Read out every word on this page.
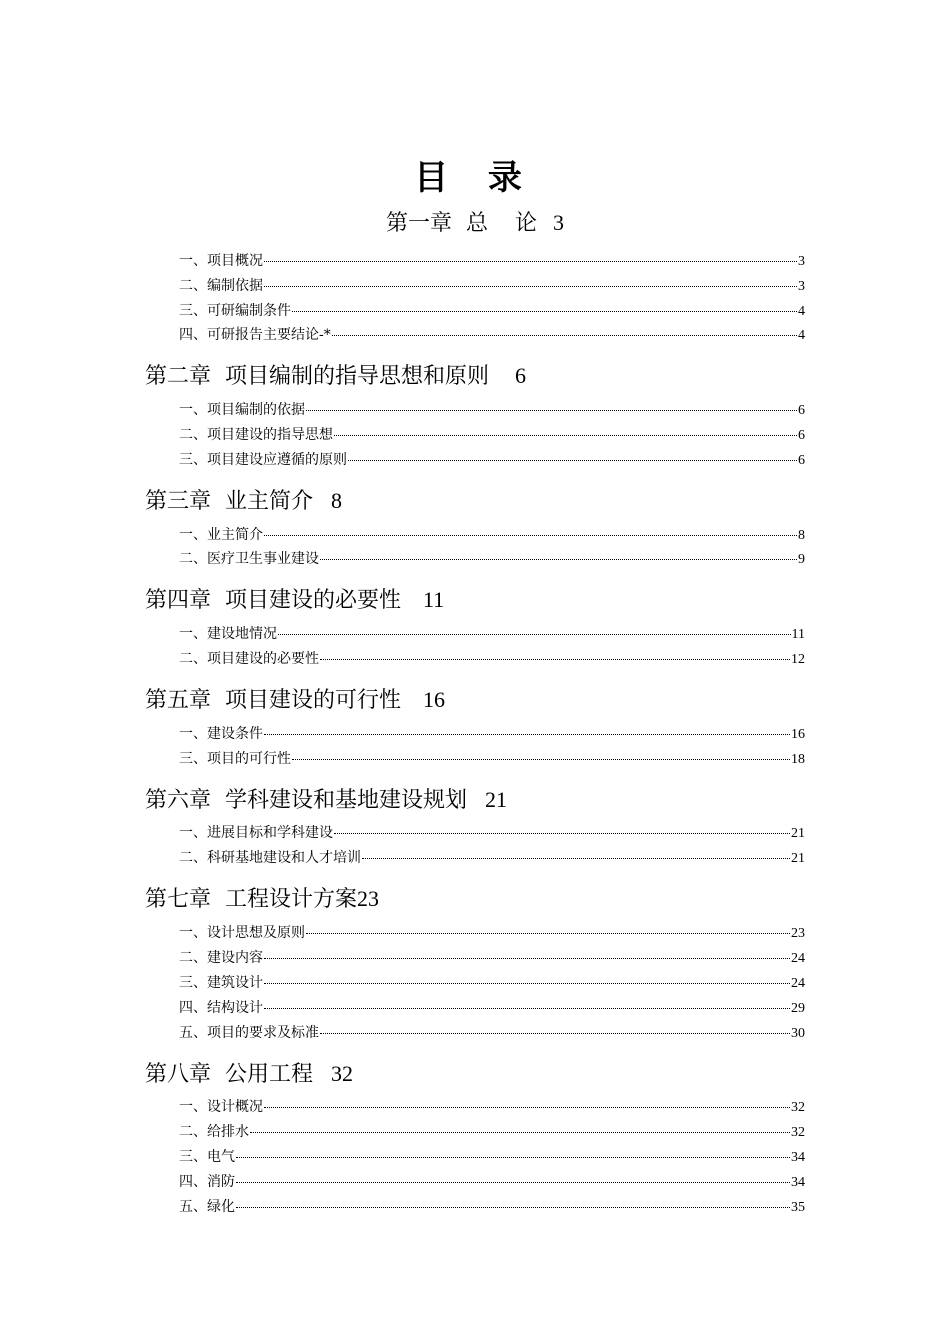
目 录
第一章 总 论 3
一、项目概况	3
二、编制依据	3
三、可研编制条件	4
四、可研报告主要结论-*	4
第二章 项目编制的指导思想和原则 6
一、项目编制的依据	6
二、项目建设的指导思想	6
三、项目建设应遵循的原则	6
第三章 业主简介 8
一、业主简介	8
二、医疗卫生事业建设	9
第四章 项目建设的必要性 11
一、建设地情况	11
二、项目建设的必要性	12
第五章 项目建设的可行性 16
一、建设条件	16
三、项目的可行性	18
第六章 学科建设和基地建设规划 21
一、进展目标和学科建设	21
二、科研基地建设和人才培训	21
第七章 工程设计方案23
一、设计思想及原则	23
二、建设内容	24
三、建筑设计	24
四、结构设计	29
五、项目的要求及标准	30
第八章 公用工程 32
一、设计概况	32
二、给排水	32
三、电气	34
四、消防	34
五、绿化	35
